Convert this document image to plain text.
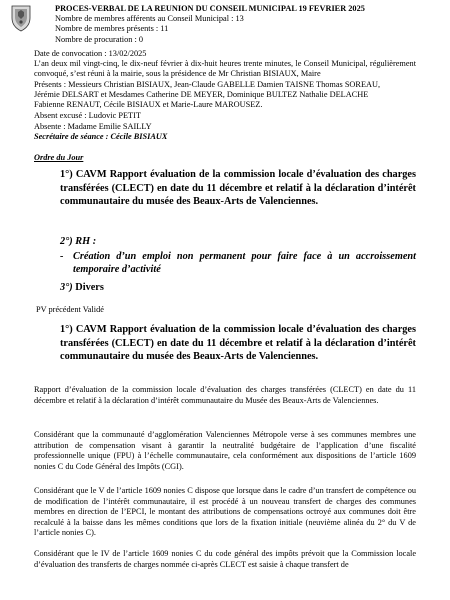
PROCES-VERBAL DE LA REUNION DU CONSEIL MUNICIPAL 19 FEVRIER 2025
Nombre de membres afférents au Conseil Municipal : 13
Nombre de membres présents : 11
Nombre de procuration : 0
Date de convocation : 13/02/2025
L’an deux mil vingt-cinq, le dix-neuf février à dix-huit heures trente minutes, le Conseil Municipal, régulièrement convoqué, s’est réuni à la mairie, sous la présidence de Mr Christian BISIAUX, Maire
Présents : Messieurs Christian BISIAUX, Jean-Claude GABELLE Damien TAISNE Thomas SOREAU,
Jérémie DELSART et Mesdames Catherine DE MEYER, Dominique BULTEZ Nathalie DELACHE
Fabienne RENAUT, Cécile BISIAUX et Marie-Laure MAROUSEZ.
Absent excusé : Ludovic PETIT
Absente : Madame Emilie SAILLY
Secrétaire de séance : Cécile BISIAUX
Ordre du Jour
1°) CAVM Rapport évaluation de la commission locale d’évaluation des charges transférées (CLECT) en date du 11 décembre et relatif à la déclaration d’intérêt communautaire du musée des Beaux-Arts de Valenciennes.
2°) RH :
- Création d’un emploi non permanent pour faire face à un accroissement temporaire d’activité
3°) Divers
PV précédent Validé
1°) CAVM Rapport évaluation de la commission locale d’évaluation des charges transférées (CLECT) en date du 11 décembre et relatif à la déclaration d’intérêt communautaire du musée des Beaux-Arts de Valenciennes.
Rapport d’évaluation de la commission locale d’évaluation des charges transférées (CLECT) en date du 11 décembre et relatif à la déclaration d’intérêt communautaire du Musée des Beaux-Arts de Valenciennes.
Considérant que la communauté d’agglomération Valenciennes Métropole verse à ses communes membres une attribution de compensation visant à garantir la neutralité budgétaire de l’application d’une fiscalité professionnelle unique (FPU) à l’échelle communautaire, cela conformément aux dispositions de l’article 1609 nonies C du Code Général des Impôts (CGI).
Considérant que le V de l’article 1609 nonies C dispose que lorsque dans le cadre d’un transfert de compétence ou de modification de l’intérêt communautaire, il est procédé à un nouveau transfert de charges des communes membres en direction de l’EPCI, le montant des attributions de compensations octroyé aux communes doit être recalculé à la baisse dans les mêmes conditions que lors de la fixation initiale (neuvième alinéa du 2° du V de l’article nonies C).
Considérant que le IV de l’article 1609 nonies C du code général des impôts prévoit que la Commission locale d’évaluation des transferts de charges nommée ci-après CLECT est saisie à chaque transfert de
